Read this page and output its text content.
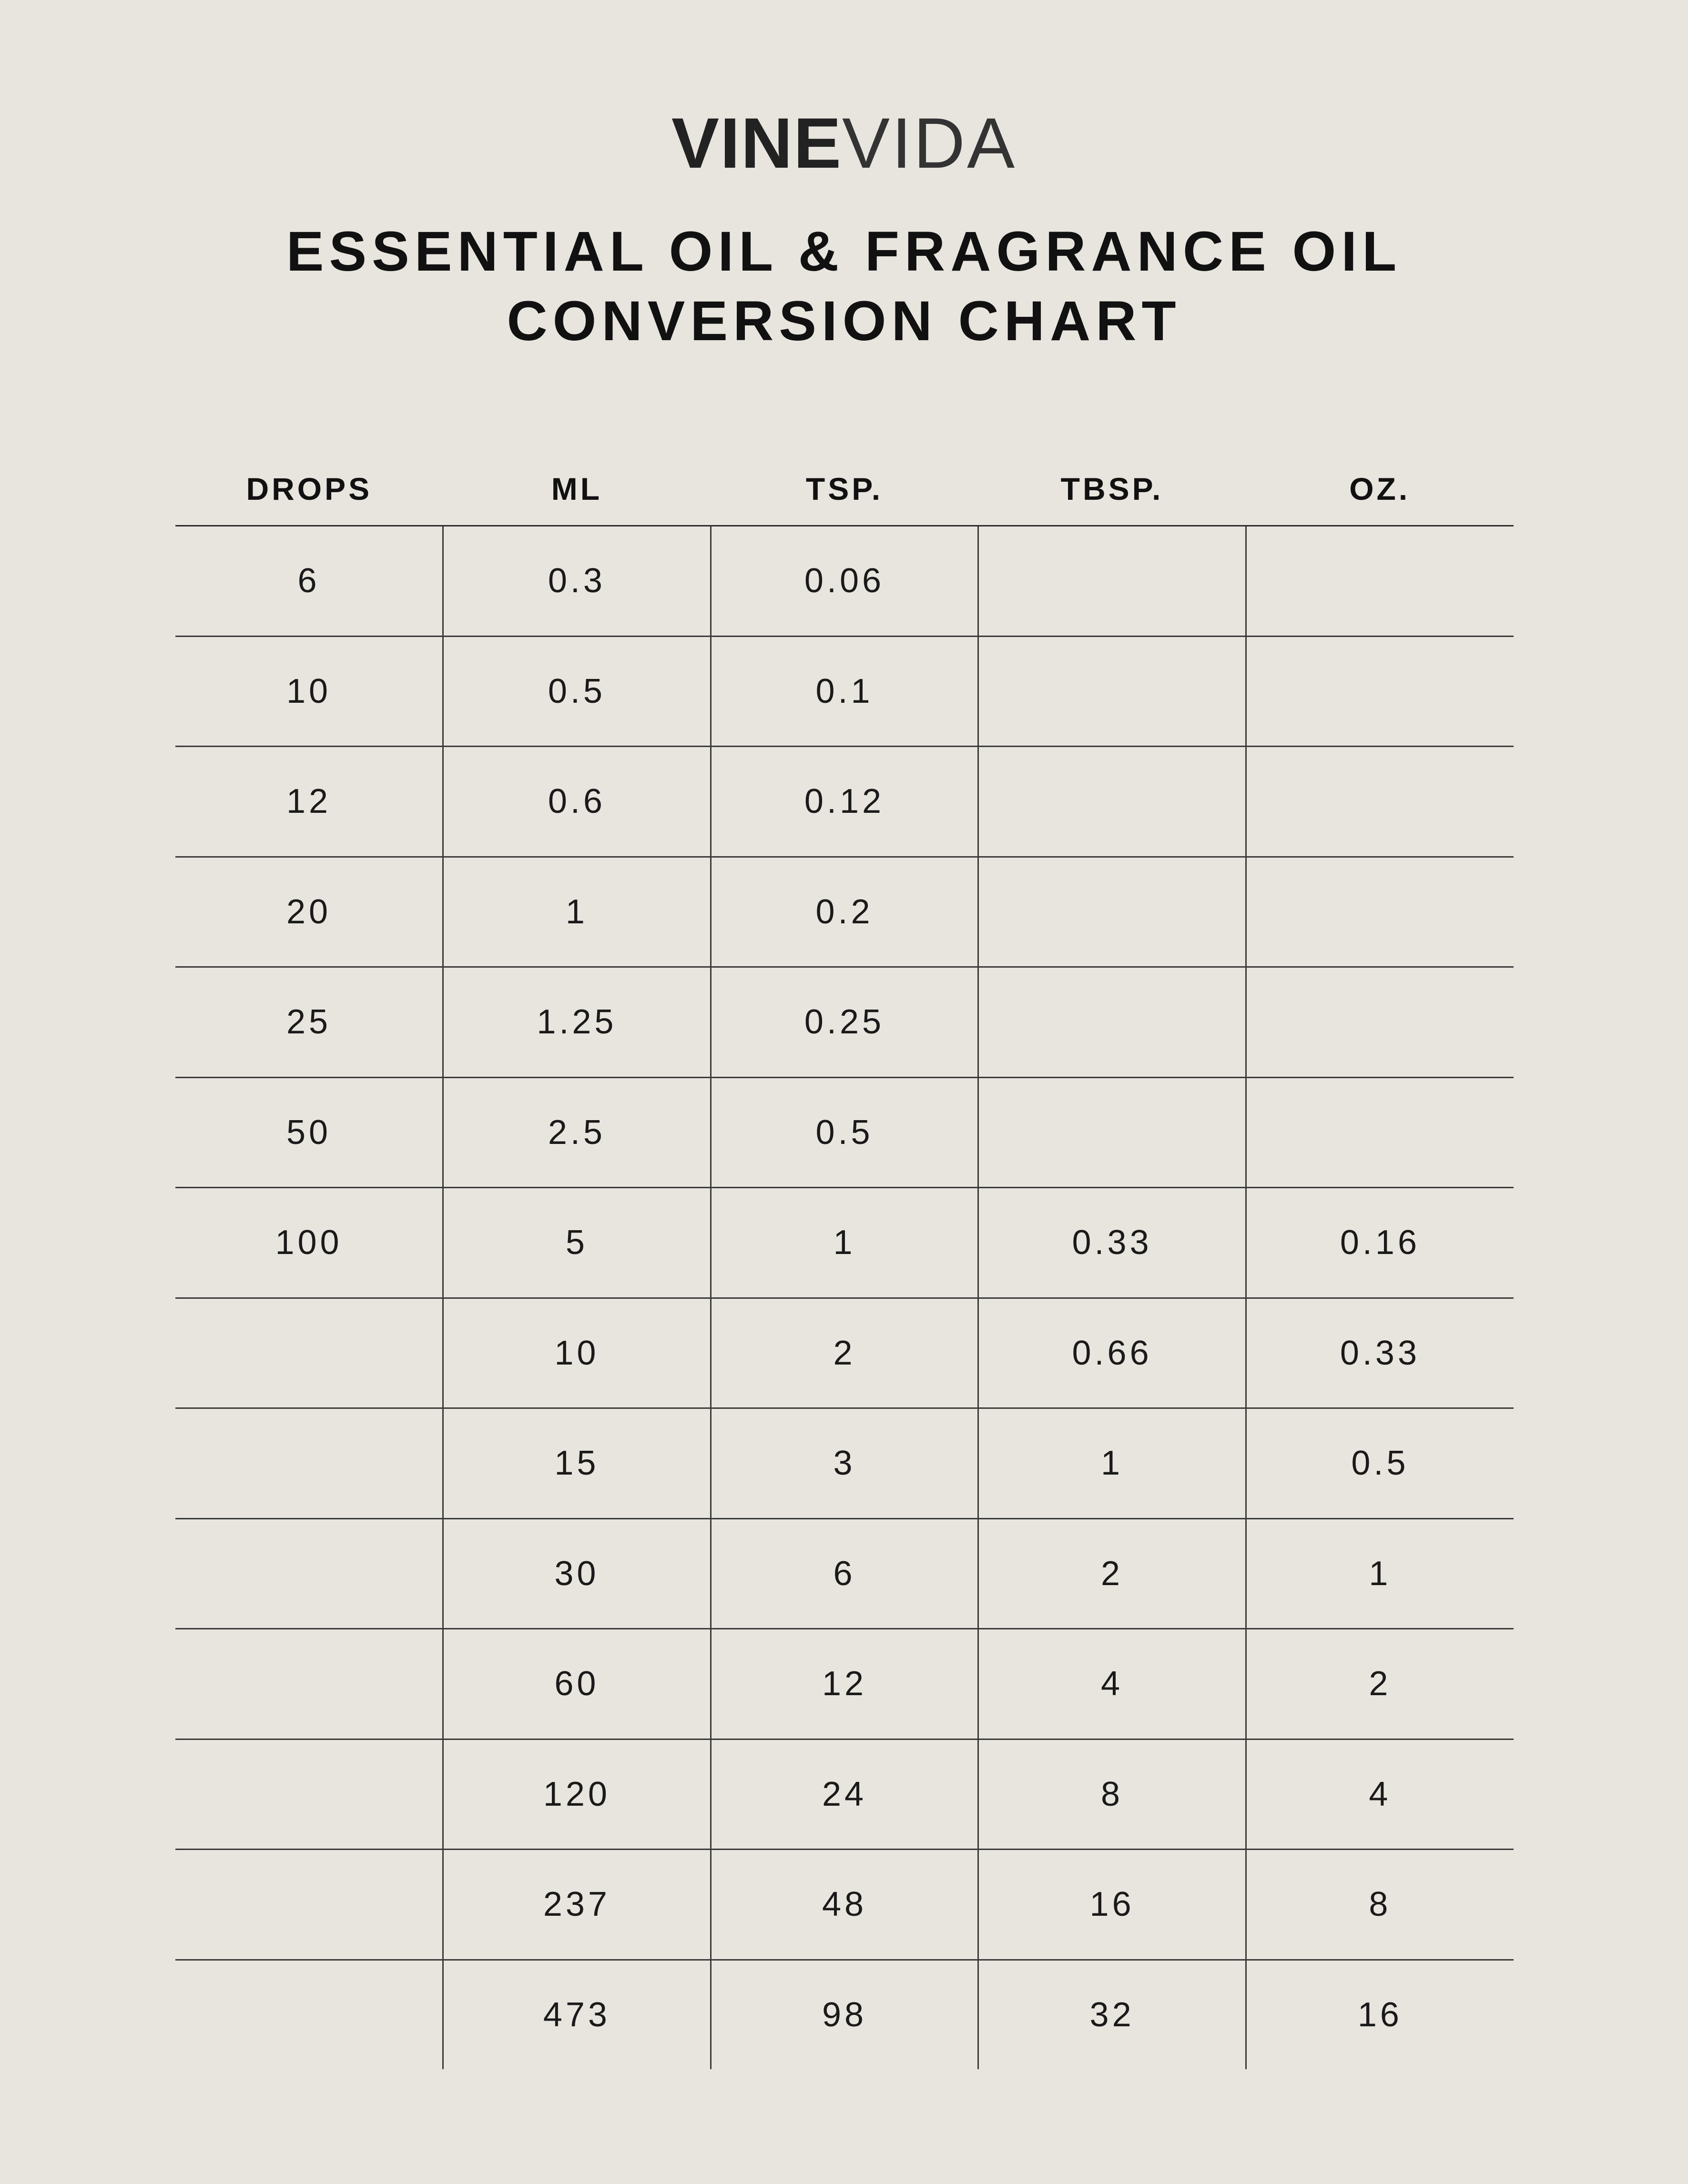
VINEVIDA
ESSENTIAL OIL & FRAGRANCE OIL
CONVERSION CHART
DROPS	ML	TSP.	TBSP.	OZ.
6	0.3	0.06		
10	0.5	0.1		
12	0.6	0.12		
20	1	0.2		
25	1.25	0.25		
50	2.5	0.5		
100	5	1	0.33	0.16
	10	2	0.66	0.33
	15	3	1	0.5
	30	6	2	1
	60	12	4	2
	120	24	8	4
	237	48	16	8
	473	98	32	16
